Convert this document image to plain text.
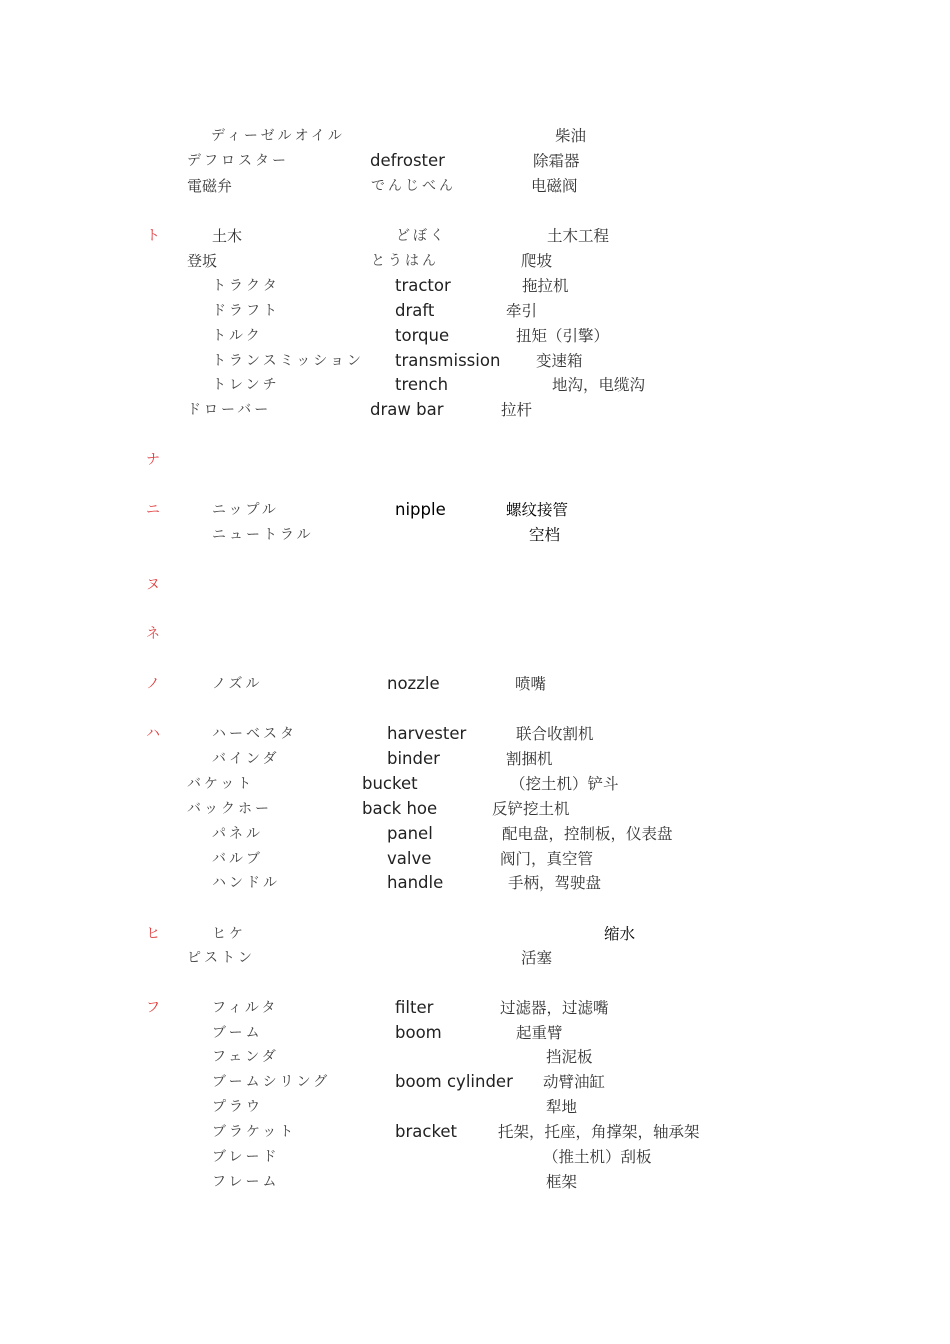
ディーゼルオイル	柴油
デフロスター	defroster	除霜器
電磁弁	でんじべん	电磁阀
ト	土木	どぼく	土木工程
登坂	とうはん	爬坡
トラクタ	tractor	拖拉机
ドラフト	draft	牵引
トルク	torque	扭矩（引擎）
トランスミッション transmission 变速箱
トレンチ	trench	地沟，电缆沟
ドローバー	draw bar	拉杆
ナ
ニ	ニップル	nipple	螺纹接管
ニュートラル	空档
ヌ
ネ
ノ	ノズル	nozzle	喷嘴
ハ	ハーベスタ	harvester	联合收割机
バインダ	binder	割捆机
バケット	bucket	（挖土机）铲斗
バックホー	back hoe	反铲挖土机
パネル	panel	配电盘，控制板，仪表盘
バルブ	valve	阀门，真空管
ハンドル	handle	手柄，驾驶盘
ヒ	ヒケ	缩水
ピストン	活塞
フ	フィルタ	filter	过滤器，过滤嘴
ブーム	boom	起重臂
フェンダ	挡泥板
ブームシリング	boom cylinder 动臂油缸
プラウ	犁地
ブラケット	bracket	托架，托座，角撑架，轴承架
ブレード	（推土机）刮板
フレーム	框架
